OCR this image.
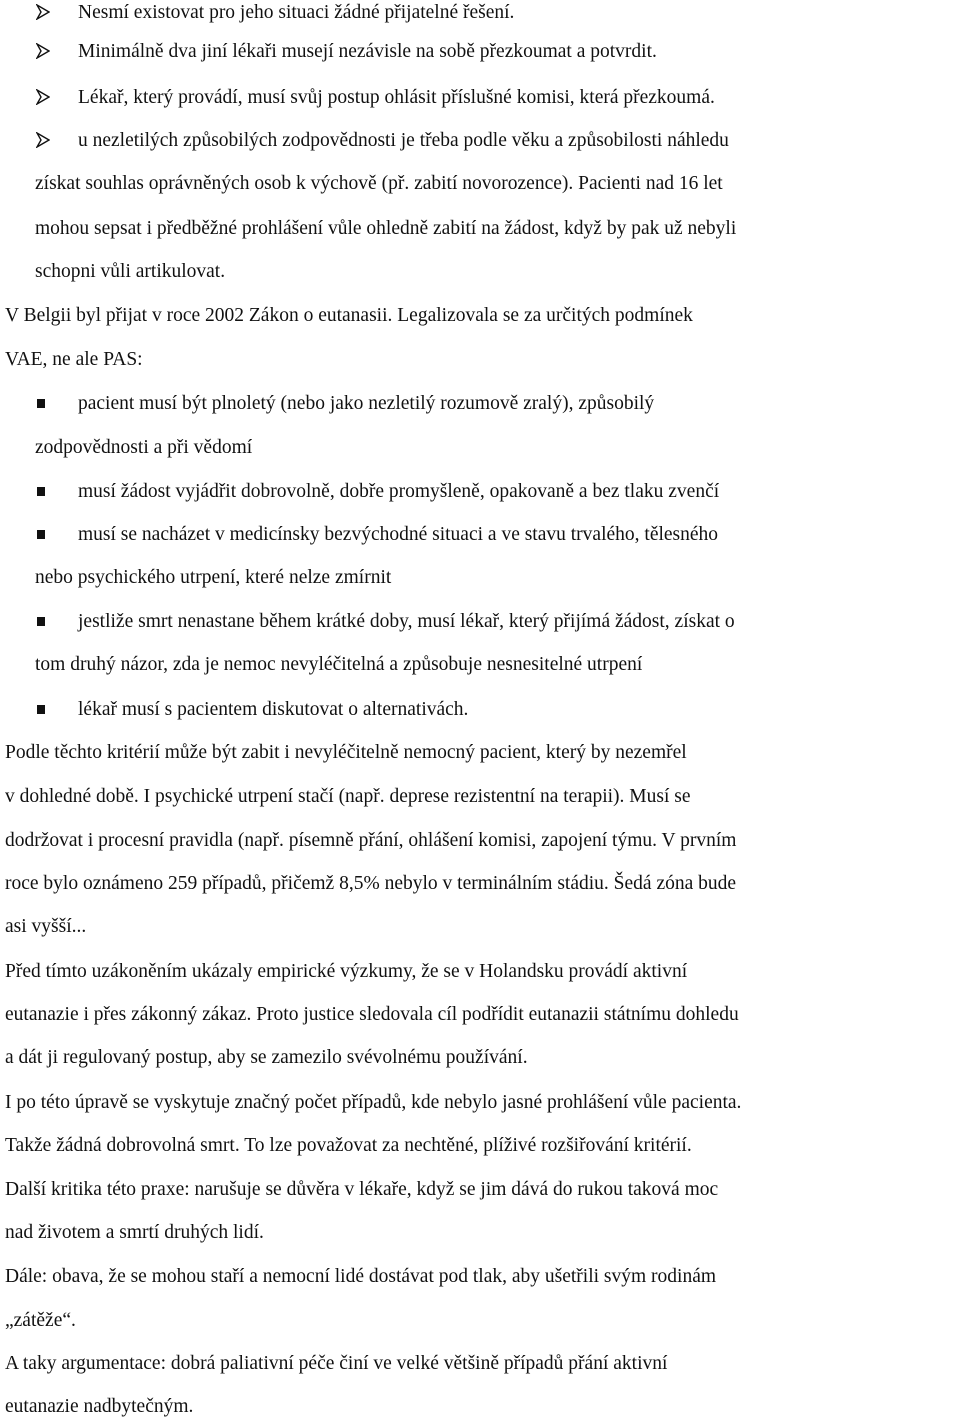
Nesmí existovat pro jeho situaci žádné přijatelné řešení.

Minimálně dva jiní lékaři musejí nezávisle na sobě přezkoumat a potvrdit.

Lékař, který provádí, musí svůj postup ohlásit příslušné komisi, která přezkoumá.

u nezletilých způsobilých zodpovědnosti je třeba podle věku a způsobilosti náhledu

získat souhlas oprávněných osob k výchově (př. zabití novorozence). Pacienti nad 16 let

mohou sepsat i předběžné prohlášení vůle ohledně zabití na žádost, když by pak už nebyli

schopni vůli artikulovat.

V Belgii byl přijat v roce 2002 Zákon o eutanasii. Legalizovala se za určitých podmínek

VAE, ne ale PAS:

pacient musí být plnoletý (nebo jako nezletilý rozumově zralý), způsobilý

zodpovědnosti a při vědomí

musí žádost vyjádřit dobrovolně, dobře promyšleně, opakovaně a bez tlaku zvenčí

musí se nacházet v medicínsky bezvýchodné situaci a ve stavu trvalého, tělesného

nebo psychického utrpení, které nelze zmírnit

jestliže smrt nenastane během krátké doby, musí lékař, který přijímá žádost, získat o

tom druhý názor, zda je nemoc nevyléčitelná a způsobuje nesnesitelné utrpení

lékař musí s pacientem diskutovat o alternativách.

Podle těchto kritérií může být zabit i nevyléčitelně nemocný pacient, který by nezemřel

v dohledné době. I psychické utrpení stačí (např. deprese rezistentní na terapii). Musí se

dodržovat i procesní pravidla (např. písemně přání, ohlášení komisi, zapojení týmu. V prvním

roce bylo oznámeno 259 případů, přičemž 8,5% nebylo v terminálním stádiu. Šedá zóna bude

asi vyšší...

Před tímto uzákoněním ukázaly empirické výzkumy, že se v Holandsku provádí aktivní

eutanazie i přes zákonný zákaz. Proto justice sledovala cíl podřídit eutanazii státnímu dohledu

a dát ji regulovaný postup, aby se zamezilo svévolnému používání.

I po této úpravě se vyskytuje značný počet případů, kde nebylo jasné prohlášení vůle pacienta.

Takže žádná dobrovolná smrt. To lze považovat za nechtěné, plíživé rozšiřování kritérií.

Další kritika této praxe: narušuje se důvěra v lékaře, když se jim dává do rukou taková moc

nad životem a smrtí druhých lidí.

Dále: obava, že se mohou staří a nemocní lidé dostávat pod tlak, aby ušetřili svým rodinám

„zátěže“.

A taky argumentace: dobrá paliativní péče činí ve velké většině případů přání aktivní

eutanazie nadbytečným.
